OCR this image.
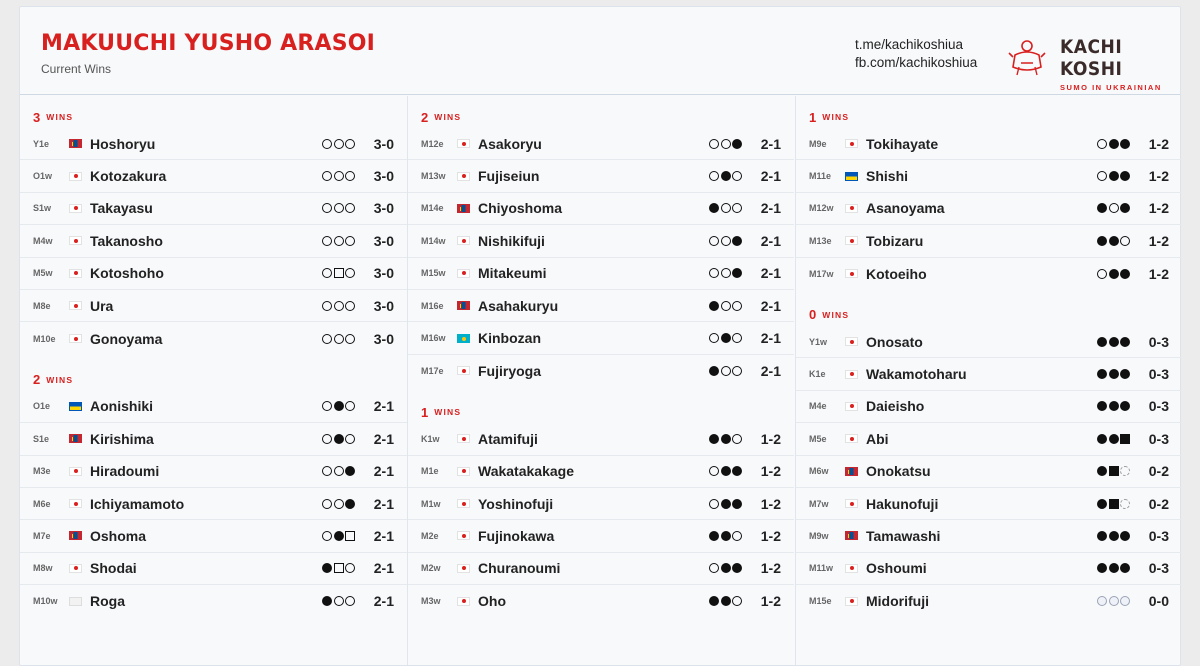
MAKUUCHI YUSHO ARASOI
Current Wins
t.me/kachikoshiua
fb.com/kachikoshiua
KACHI KOSHI
SUMO IN UKRAINIAN
3 WINS
Y1e	Hoshoryu	3-0
O1w	Kotozakura	3-0
S1w	Takayasu	3-0
M4w	Takanosho	3-0
M5w	Kotoshoho	3-0
M8e	Ura	3-0
M10e	Gonoyama	3-0
2 WINS
O1e	Aonishiki	2-1
S1e	Kirishima	2-1
M3e	Hiradoumi	2-1
M6e	Ichiyamamoto	2-1
M7e	Oshoma	2-1
M8w	Shodai	2-1
M10w	Roga	2-1
2 WINS
M12e	Asakoryu	2-1
M13w	Fujiseiun	2-1
M14e	Chiyoshoma	2-1
M14w	Nishikifuji	2-1
M15w	Mitakeumi	2-1
M16e	Asahakuryu	2-1
M16w	Kinbozan	2-1
M17e	Fujiryoga	2-1
1 WINS
K1w	Atamifuji	1-2
M1e	Wakatakakage	1-2
M1w	Yoshinofuji	1-2
M2e	Fujinokawa	1-2
M2w	Churanoumi	1-2
M3w	Oho	1-2
1 WINS
M9e	Tokihayate	1-2
M11e	Shishi	1-2
M12w	Asanoyama	1-2
M13e	Tobizaru	1-2
M17w	Kotoeiho	1-2
0 WINS
Y1w	Onosato	0-3
K1e	Wakamotoharu	0-3
M4e	Daieisho	0-3
M5e	Abi	0-3
M6w	Onokatsu	0-2
M7w	Hakunofuji	0-2
M9w	Tamawashi	0-3
M11w	Oshoumi	0-3
M15e	Midorifuji	0-0
